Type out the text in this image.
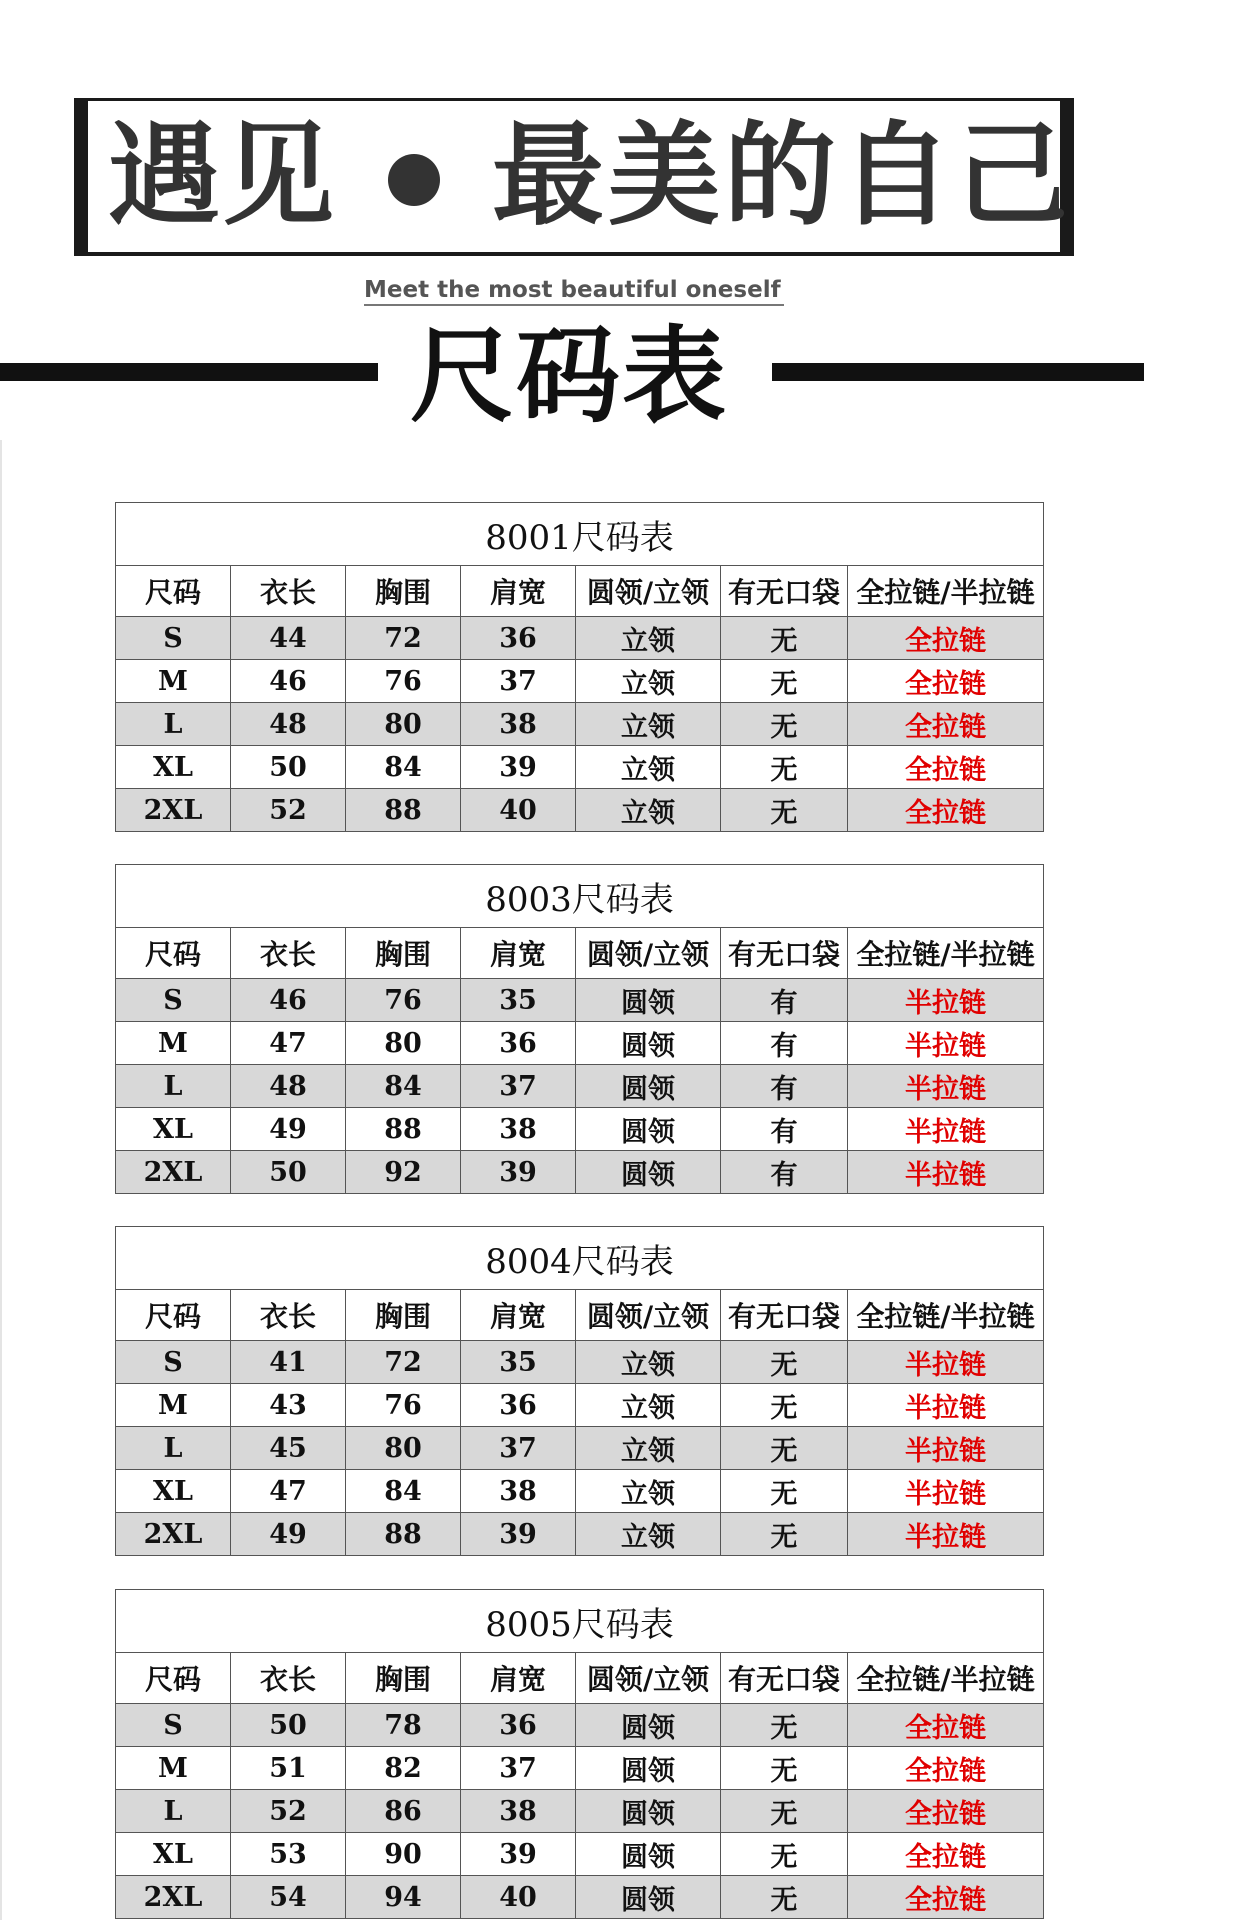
遇见 最美的自己
Meet the most beautiful oneself
尺码表
8001尺码表						
尺码	衣长	胸围	肩宽	圆领/立领	有无口袋	全拉链/半拉链
S	44	72	36	立领	无	全拉链
M	46	76	37	立领	无	全拉链
L	48	80	38	立领	无	全拉链
XL	50	84	39	立领	无	全拉链
2XL	52	88	40	立领	无	全拉链
8003尺码表						
尺码	衣长	胸围	肩宽	圆领/立领	有无口袋	全拉链/半拉链
S	46	76	35	圆领	有	半拉链
M	47	80	36	圆领	有	半拉链
L	48	84	37	圆领	有	半拉链
XL	49	88	38	圆领	有	半拉链
2XL	50	92	39	圆领	有	半拉链
8004尺码表						
尺码	衣长	胸围	肩宽	圆领/立领	有无口袋	全拉链/半拉链
S	41	72	35	立领	无	半拉链
M	43	76	36	立领	无	半拉链
L	45	80	37	立领	无	半拉链
XL	47	84	38	立领	无	半拉链
2XL	49	88	39	立领	无	半拉链
8005尺码表						
尺码	衣长	胸围	肩宽	圆领/立领	有无口袋	全拉链/半拉链
S	50	78	36	圆领	无	全拉链
M	51	82	37	圆领	无	全拉链
L	52	86	38	圆领	无	全拉链
XL	53	90	39	圆领	无	全拉链
2XL	54	94	40	圆领	无	全拉链
